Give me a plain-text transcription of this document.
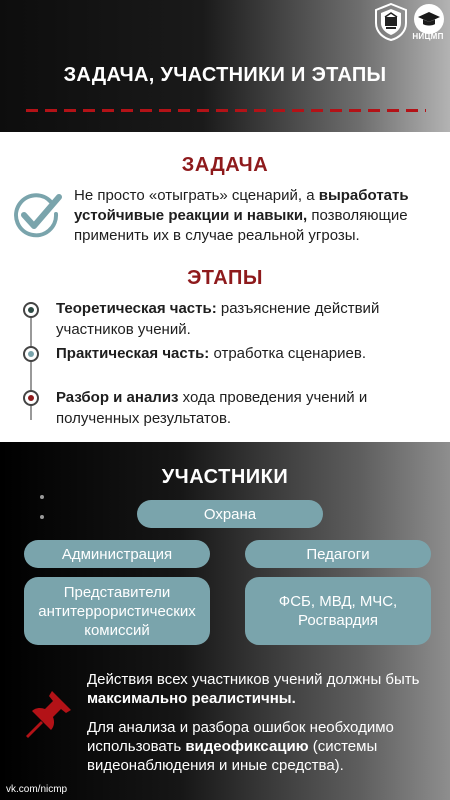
НИЦМП
ЗАДАЧА, УЧАСТНИКИ И ЭТАПЫ
ЗАДАЧА
Не просто «отыграть» сценарий, а выработать устойчивые реакции и навыки, позволяющие применить их в случае реальной угрозы.
ЭТАПЫ
Теоретическая часть: разъяснение действий участников учений.
Практическая часть: отработка сценариев.
Разбор и анализ хода проведения учений и полученных результатов.
УЧАСТНИКИ
Охрана
Администрация	Педагоги
Представители антитеррористических комиссий
ФСБ, МВД, МЧС, Росгвардия
Действия всех участников учений должны быть максимально реалистичны.
Для анализа и разбора ошибок необходимо использовать видеофиксацию (системы видеонаблюдения и иные средства).
vk.com/nicmp
